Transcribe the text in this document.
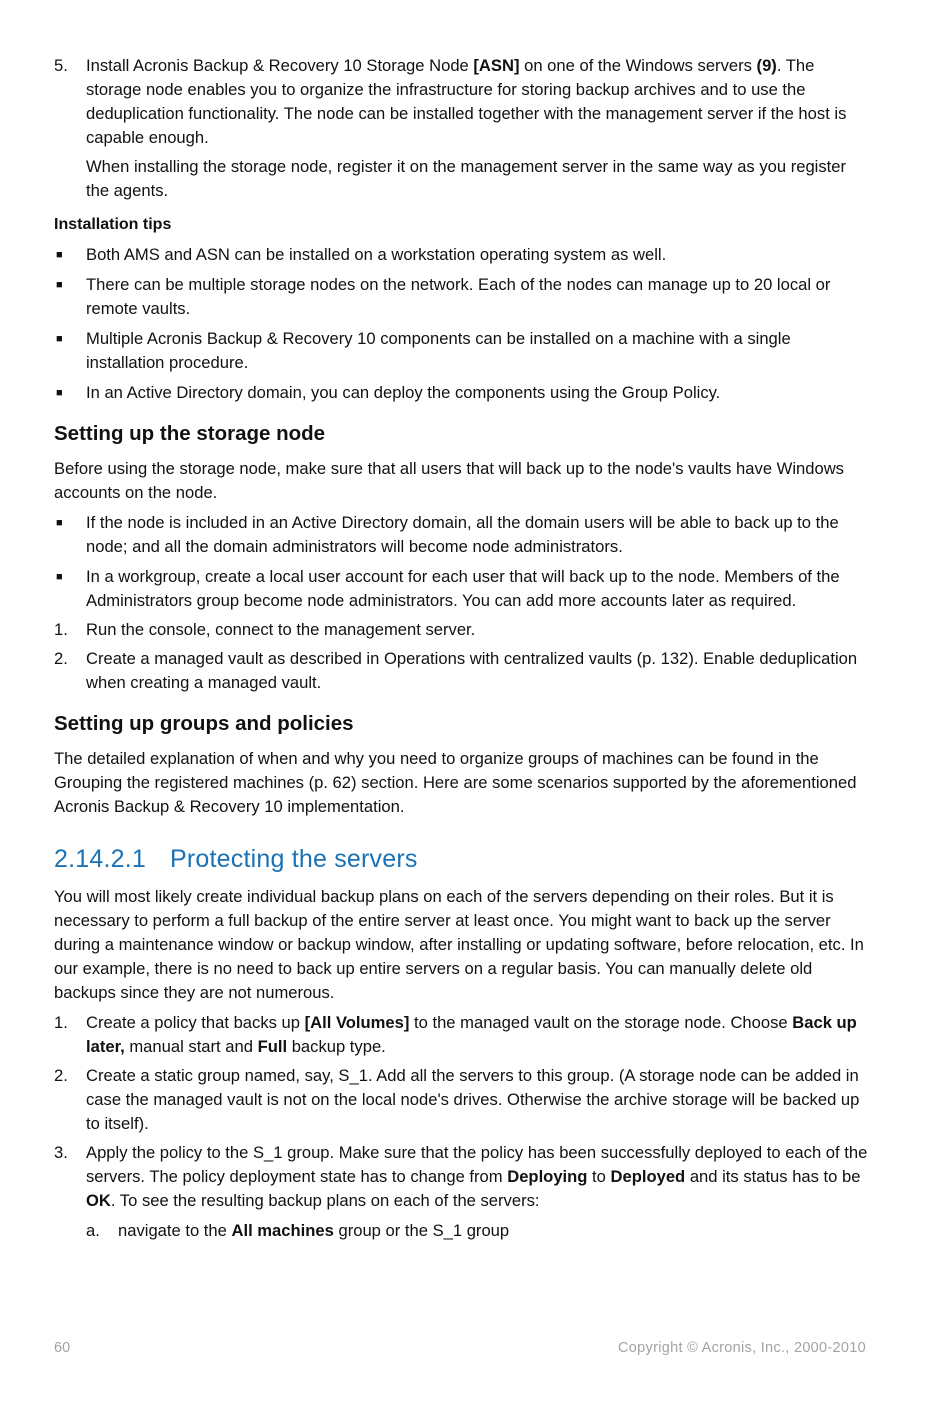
5. Install Acronis Backup & Recovery 10 Storage Node [ASN] on one of the Windows servers (9). The storage node enables you to organize the infrastructure for storing backup archives and to use the deduplication functionality. The node can be installed together with the management server if the host is capable enough.

When installing the storage node, register it on the management server in the same way as you register the agents.

Installation tips

■ Both AMS and ASN can be installed on a workstation operating system as well.

■ There can be multiple storage nodes on the network. Each of the nodes can manage up to 20 local or remote vaults.

■ Multiple Acronis Backup & Recovery 10 components can be installed on a machine with a single installation procedure.

■ In an Active Directory domain, you can deploy the components using the Group Policy.

Setting up the storage node

Before using the storage node, make sure that all users that will back up to the node's vaults have Windows accounts on the node.

■ If the node is included in an Active Directory domain, all the domain users will be able to back up to the node; and all the domain administrators will become node administrators.

■ In a workgroup, create a local user account for each user that will back up to the node. Members of the Administrators group become node administrators. You can add more accounts later as required.

1. Run the console, connect to the management server.

2. Create a managed vault as described in Operations with centralized vaults (p. 132). Enable deduplication when creating a managed vault.

Setting up groups and policies

The detailed explanation of when and why you need to organize groups of machines can be found in the Grouping the registered machines (p. 62) section. Here are some scenarios supported by the aforementioned Acronis Backup & Recovery 10 implementation.

2.14.2.1 Protecting the servers

You will most likely create individual backup plans on each of the servers depending on their roles. But it is necessary to perform a full backup of the entire server at least once. You might want to back up the server during a maintenance window or backup window, after installing or updating software, before relocation, etc. In our example, there is no need to back up entire servers on a regular basis. You can manually delete old backups since they are not numerous.

1. Create a policy that backs up [All Volumes] to the managed vault on the storage node. Choose Back up later, manual start and Full backup type.

2. Create a static group named, say, S_1. Add all the servers to this group. (A storage node can be added in case the managed vault is not on the local node's drives. Otherwise the archive storage will be backed up to itself).

3. Apply the policy to the S_1 group. Make sure that the policy has been successfully deployed to each of the servers. The policy deployment state has to change from Deploying to Deployed and its status has to be OK. To see the resulting backup plans on each of the servers:

a. navigate to the All machines group or the S_1 group

60	Copyright © Acronis, Inc., 2000-2010
